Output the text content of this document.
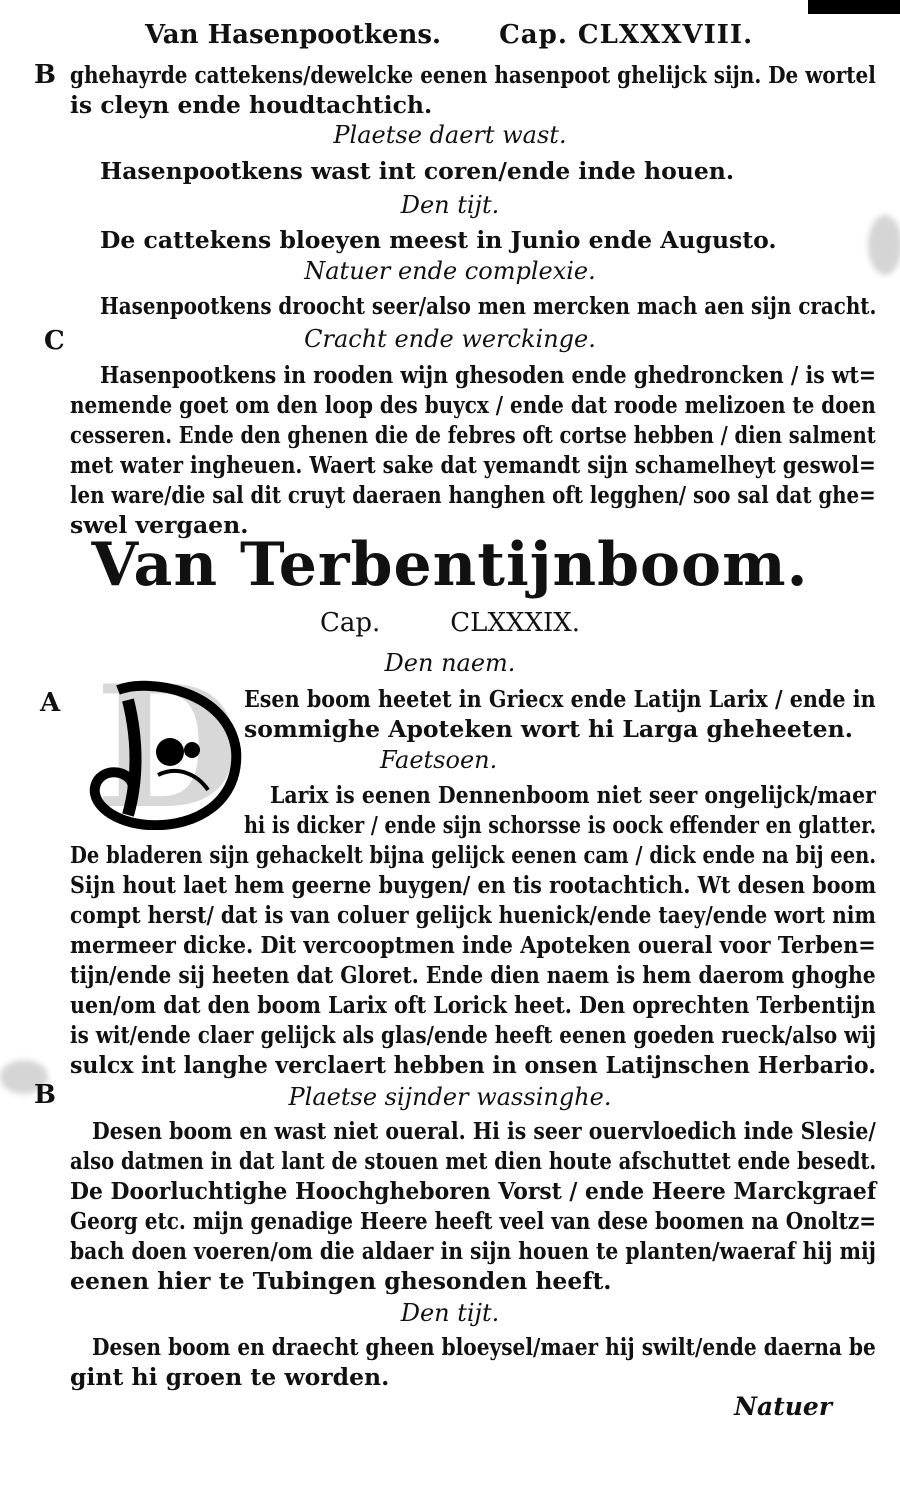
Van Hasenpootkens. Cap. CLXXXVIII.
B
C
A
B
ghehayrde cattekens/dewelcke eenen hasenpoot ghelijck sijn. De wortel
is cleyn ende houdtachtich.
Plaetse daert wast.
Hasenpootkens wast int coren/ende inde houen.
Den tijt.
De cattekens bloeyen meest in Junio ende Augusto.
Natuer ende complexie.
Hasenpootkens droocht seer/also men mercken mach aen sijn cracht.
Cracht ende werckinge.
Hasenpootkens in rooden wijn ghesoden ende ghedroncken / is wt=
nemende goet om den loop des buycx / ende dat roode melizoen te doen
cesseren. Ende den ghenen die de febres oft cortse hebben / dien salment
met water ingheuen. Waert sake dat yemandt sijn schamelheyt geswol=
len ware/die sal dit cruyt daeraen hanghen oft legghen/ soo sal dat ghe=
swel vergaen.
Van Terbentijnboom.
Cap.	CLXXXIX.
Den naem.
D Esen boom heetet in Griecx ende Latijn Larix / ende in
sommighe Apoteken wort hi Larga gheheeten.
Faetsoen.
Larix is eenen Dennenboom niet seer ongelijck/maer
hi is dicker / ende sijn schorsse is oock effender en glatter.
De bladeren sijn gehackelt bijna gelijck eenen cam / dick ende na bij een.
Sijn hout laet hem geerne buygen/ en tis rootachtich. Wt desen boom
compt herst/ dat is van coluer gelijck huenick/ende taey/ende wort nim
mermeer dicke. Dit vercooptmen inde Apoteken oueral voor Terben=
tijn/ende sij heeten dat Gloret. Ende dien naem is hem daerom ghoghe
uen/om dat den boom Larix oft Lorick heet. Den oprechten Terbentijn
is wit/ende claer gelijck als glas/ende heeft eenen goeden rueck/also wij
sulcx int langhe verclaert hebben in onsen Latijnschen Herbario.
Plaetse sijnder wassinghe.
Desen boom en wast niet oueral. Hi is seer ouervloedich inde Slesie/
also datmen in dat lant de stouen met dien houte afschuttet ende besedt.
De Doorluchtighe Hoochgheboren Vorst / ende Heere Marckgraef
Georg etc. mijn genadige Heere heeft veel van dese boomen na Onoltz=
bach doen voeren/om die aldaer in sijn houen te planten/waeraf hij mij
eenen hier te Tubingen ghesonden heeft.
Den tijt.
Desen boom en draecht gheen bloeysel/maer hij swilt/ende daerna be
gint hi groen te worden.
Natuer
